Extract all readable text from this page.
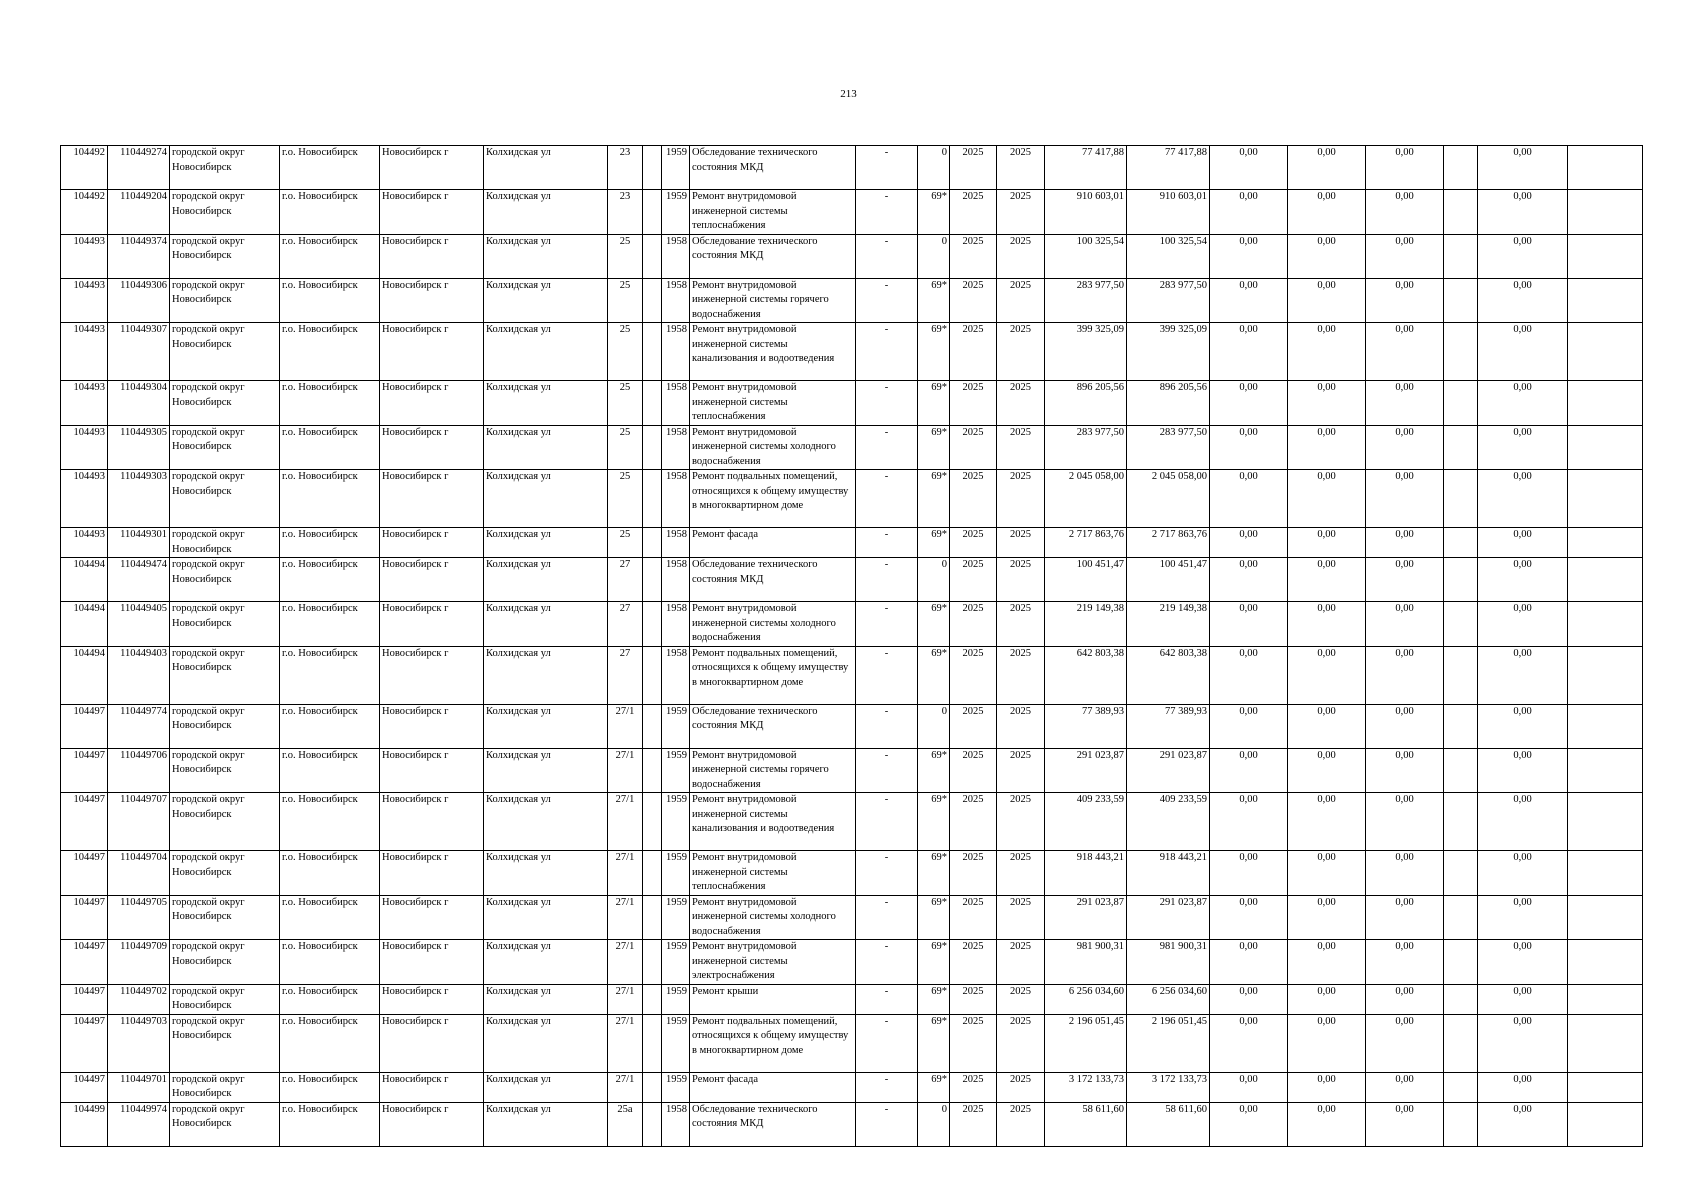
213
104492	110449274	городской округ Новосибирск	г.о. Новосибирск	Новосибирск г	Колхидская ул	23		1959	Обследование технического состояния МКД	-	0	2025	2025	77 417,88	77 417,88	0,00	0,00	0,00		0,00	
104492	110449204	городской округ Новосибирск	г.о. Новосибирск	Новосибирск г	Колхидская ул	23		1959	Ремонт внутридомовой инженерной системы теплоснабжения	-	69*	2025	2025	910 603,01	910 603,01	0,00	0,00	0,00		0,00	
104493	110449374	городской округ Новосибирск	г.о. Новосибирск	Новосибирск г	Колхидская ул	25		1958	Обследование технического состояния МКД	-	0	2025	2025	100 325,54	100 325,54	0,00	0,00	0,00		0,00	
104493	110449306	городской округ Новосибирск	г.о. Новосибирск	Новосибирск г	Колхидская ул	25		1958	Ремонт внутридомовой инженерной системы горячего водоснабжения	-	69*	2025	2025	283 977,50	283 977,50	0,00	0,00	0,00		0,00	
104493	110449307	городской округ Новосибирск	г.о. Новосибирск	Новосибирск г	Колхидская ул	25		1958	Ремонт внутридомовой инженерной системы канализования и водоотведения	-	69*	2025	2025	399 325,09	399 325,09	0,00	0,00	0,00		0,00	
104493	110449304	городской округ Новосибирск	г.о. Новосибирск	Новосибирск г	Колхидская ул	25		1958	Ремонт внутридомовой инженерной системы теплоснабжения	-	69*	2025	2025	896 205,56	896 205,56	0,00	0,00	0,00		0,00	
104493	110449305	городской округ Новосибирск	г.о. Новосибирск	Новосибирск г	Колхидская ул	25		1958	Ремонт внутридомовой инженерной системы холодного водоснабжения	-	69*	2025	2025	283 977,50	283 977,50	0,00	0,00	0,00		0,00	
104493	110449303	городской округ Новосибирск	г.о. Новосибирск	Новосибирск г	Колхидская ул	25		1958	Ремонт подвальных помещений, относящихся к общему имуществу в многоквартирном доме	-	69*	2025	2025	2 045 058,00	2 045 058,00	0,00	0,00	0,00		0,00	
104493	110449301	городской округ Новосибирск	г.о. Новосибирск	Новосибирск г	Колхидская ул	25		1958	Ремонт фасада	-	69*	2025	2025	2 717 863,76	2 717 863,76	0,00	0,00	0,00		0,00	
104494	110449474	городской округ Новосибирск	г.о. Новосибирск	Новосибирск г	Колхидская ул	27		1958	Обследование технического состояния МКД	-	0	2025	2025	100 451,47	100 451,47	0,00	0,00	0,00		0,00	
104494	110449405	городской округ Новосибирск	г.о. Новосибирск	Новосибирск г	Колхидская ул	27		1958	Ремонт внутридомовой инженерной системы холодного водоснабжения	-	69*	2025	2025	219 149,38	219 149,38	0,00	0,00	0,00		0,00	
104494	110449403	городской округ Новосибирск	г.о. Новосибирск	Новосибирск г	Колхидская ул	27		1958	Ремонт подвальных помещений, относящихся к общему имуществу в многоквартирном доме	-	69*	2025	2025	642 803,38	642 803,38	0,00	0,00	0,00		0,00	
104497	110449774	городской округ Новосибирск	г.о. Новосибирск	Новосибирск г	Колхидская ул	27/1		1959	Обследование технического состояния МКД	-	0	2025	2025	77 389,93	77 389,93	0,00	0,00	0,00		0,00	
104497	110449706	городской округ Новосибирск	г.о. Новосибирск	Новосибирск г	Колхидская ул	27/1		1959	Ремонт внутридомовой инженерной системы горячего водоснабжения	-	69*	2025	2025	291 023,87	291 023,87	0,00	0,00	0,00		0,00	
104497	110449707	городской округ Новосибирск	г.о. Новосибирск	Новосибирск г	Колхидская ул	27/1		1959	Ремонт внутридомовой инженерной системы канализования и водоотведения	-	69*	2025	2025	409 233,59	409 233,59	0,00	0,00	0,00		0,00	
104497	110449704	городской округ Новосибирск	г.о. Новосибирск	Новосибирск г	Колхидская ул	27/1		1959	Ремонт внутридомовой инженерной системы теплоснабжения	-	69*	2025	2025	918 443,21	918 443,21	0,00	0,00	0,00		0,00	
104497	110449705	городской округ Новосибирск	г.о. Новосибирск	Новосибирск г	Колхидская ул	27/1		1959	Ремонт внутридомовой инженерной системы холодного водоснабжения	-	69*	2025	2025	291 023,87	291 023,87	0,00	0,00	0,00		0,00	
104497	110449709	городской округ Новосибирск	г.о. Новосибирск	Новосибирск г	Колхидская ул	27/1		1959	Ремонт внутридомовой инженерной системы электроснабжения	-	69*	2025	2025	981 900,31	981 900,31	0,00	0,00	0,00		0,00	
104497	110449702	городской округ Новосибирск	г.о. Новосибирск	Новосибирск г	Колхидская ул	27/1		1959	Ремонт крыши	-	69*	2025	2025	6 256 034,60	6 256 034,60	0,00	0,00	0,00		0,00	
104497	110449703	городской округ Новосибирск	г.о. Новосибирск	Новосибирск г	Колхидская ул	27/1		1959	Ремонт подвальных помещений, относящихся к общему имуществу в многоквартирном доме	-	69*	2025	2025	2 196 051,45	2 196 051,45	0,00	0,00	0,00		0,00	
104497	110449701	городской округ Новосибирск	г.о. Новосибирск	Новосибирск г	Колхидская ул	27/1		1959	Ремонт фасада	-	69*	2025	2025	3 172 133,73	3 172 133,73	0,00	0,00	0,00		0,00	
104499	110449974	городской округ Новосибирск	г.о. Новосибирск	Новосибирск г	Колхидская ул	25а		1958	Обследование технического состояния МКД	-	0	2025	2025	58 611,60	58 611,60	0,00	0,00	0,00		0,00	
